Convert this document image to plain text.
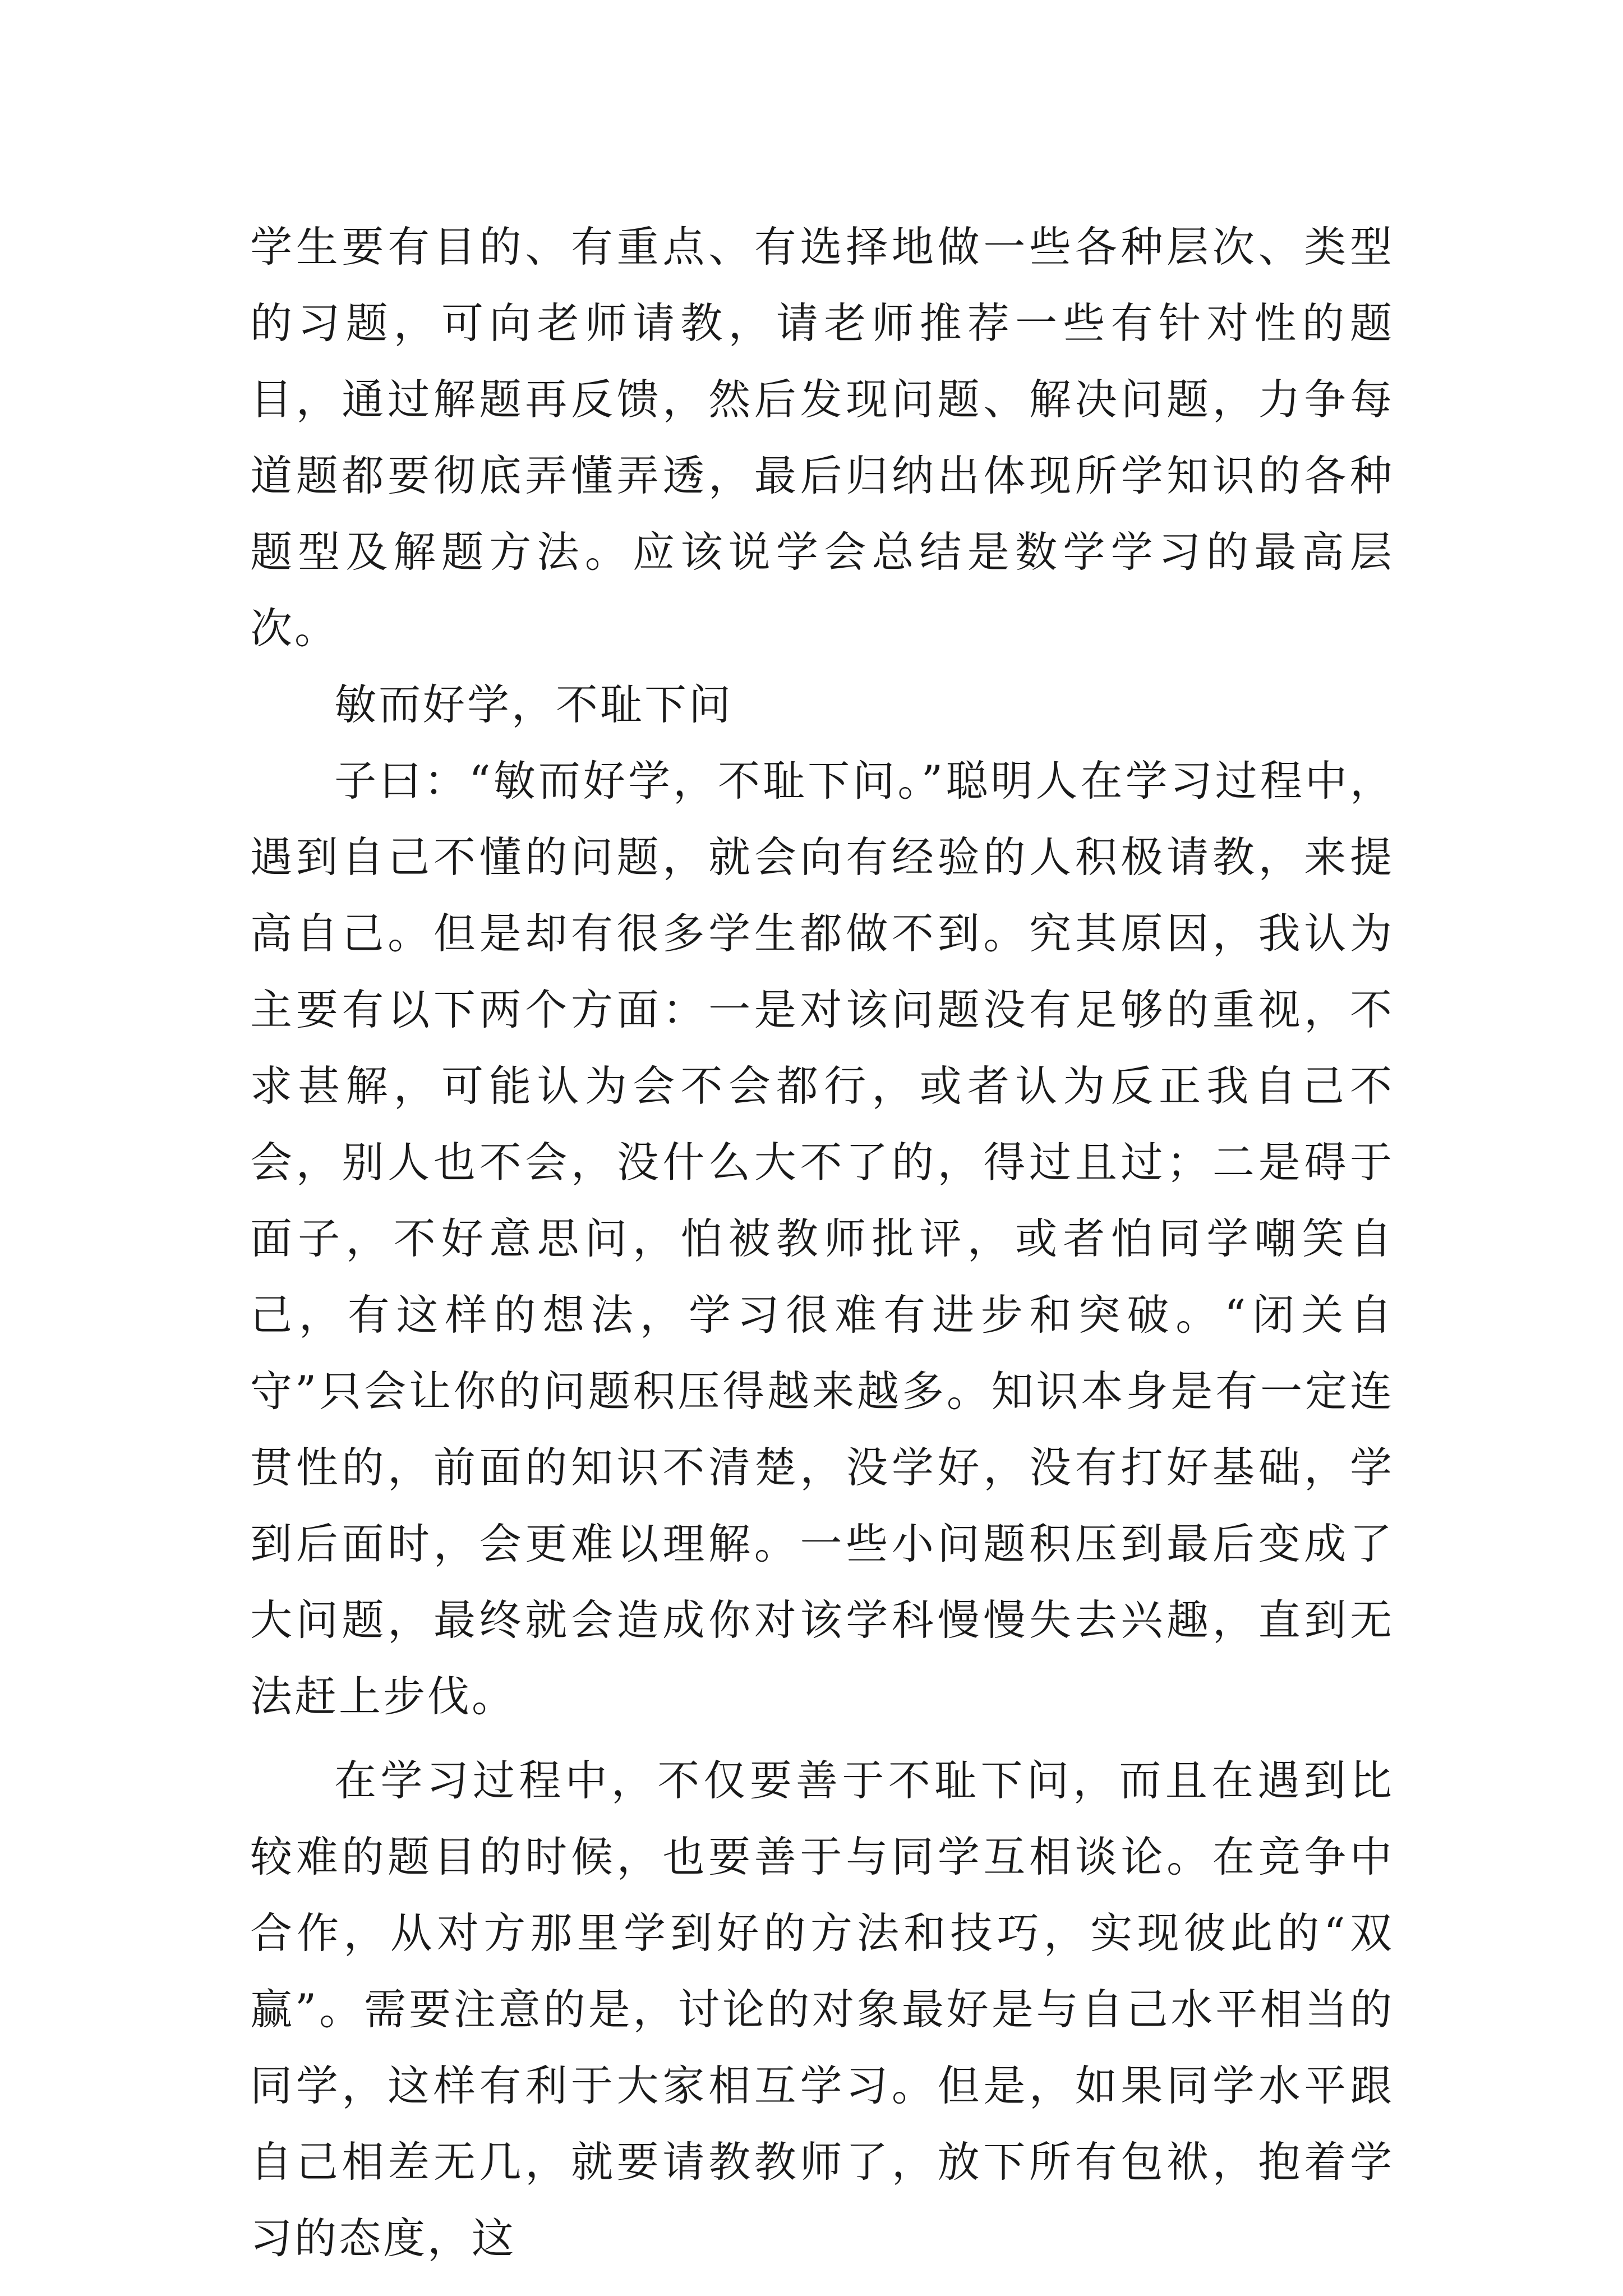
学生要有目的、有重点、有选择地做一些各种层次、类型的习题，可向老师请教，请老师推荐一些有针对性的题目，通过解题再反馈，然后发现问题、解决问题，力争每道题都要彻底弄懂弄透，最后归纳出体现所学知识的各种题型及解题方法。应该说学会总结是数学学习的最高层次。

敏而好学，不耻下问

子曰：“敏而好学，不耻下问。”聪明人在学习过程中，遇到自己不懂的问题，就会向有经验的人积极请教，来提高自己。但是却有很多学生都做不到。究其原因，我认为主要有以下两个方面：一是对该问题没有足够的重视，不求甚解，可能认为会不会都行，或者认为反正我自己不会，别人也不会，没什么大不了的，得过且过；二是碍于面子，不好意思问，怕被教师批评，或者怕同学嘲笑自己，有这样的想法，学习很难有进步和突破。“闭关自守”只会让你的问题积压得越来越多。知识本身是有一定连贯性的，前面的知识不清楚，没学好，没有打好基础，学到后面时，会更难以理解。一些小问题积压到最后变成了大问题，最终就会造成你对该学科慢慢失去兴趣，直到无法赶上步伐。

在学习过程中，不仅要善于不耻下问，而且在遇到比较难的题目的时候，也要善于与同学互相谈论。在竞争中合作，从对方那里学到好的方法和技巧，实现彼此的“双赢”。需要注意的是，讨论的对象最好是与自己水平相当的同学，这样有利于大家相互学习。但是，如果同学水平跟自己相差无几，就要请教教师了，放下所有包袱，抱着学习的态度，这
